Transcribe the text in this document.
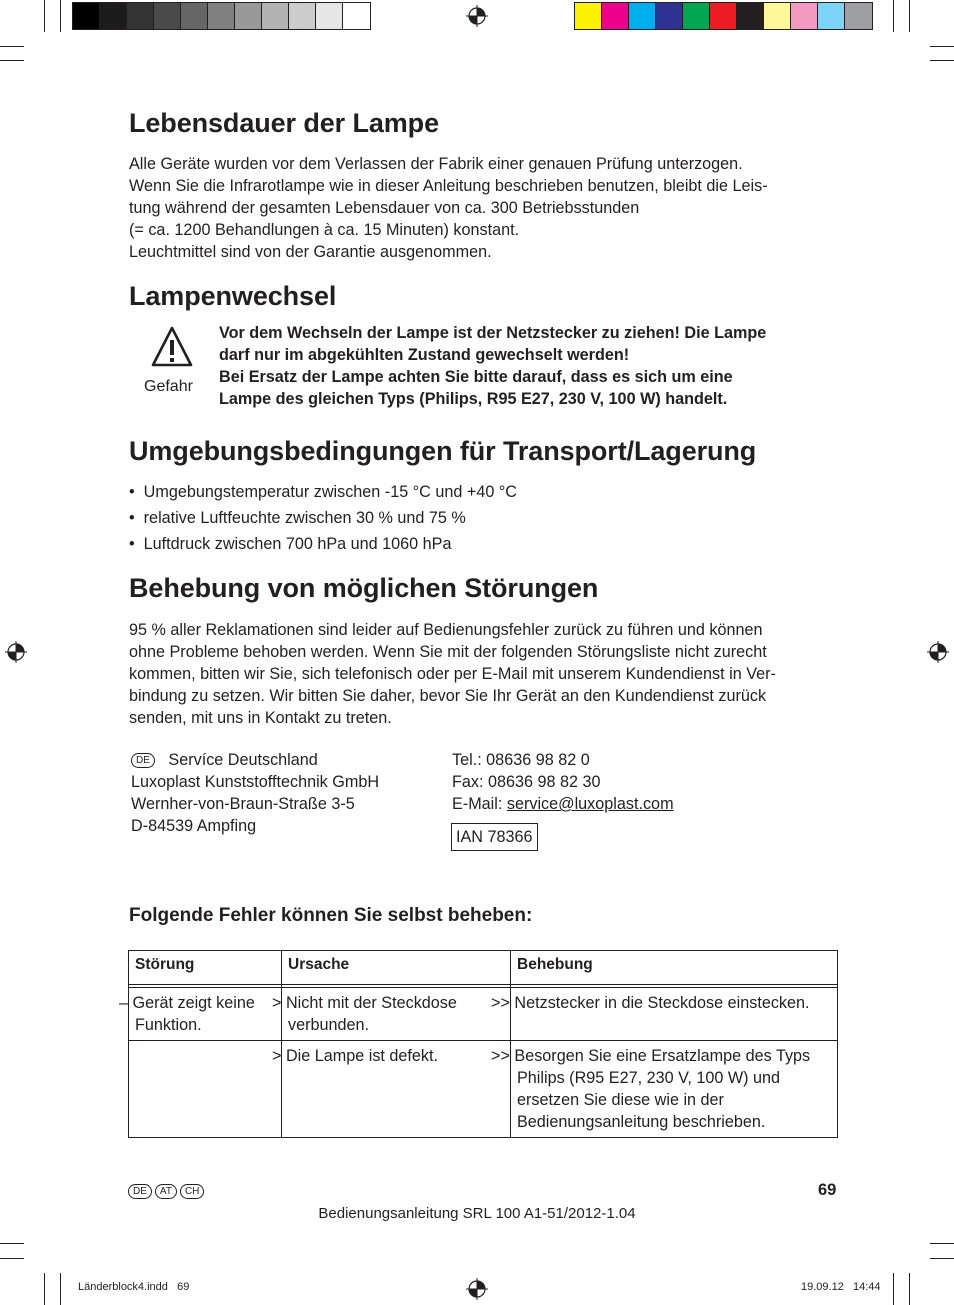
Lebensdauer der Lampe
Alle Geräte wurden vor dem Verlassen der Fabrik einer genauen Prüfung unterzogen.
Wenn Sie die Infrarotlampe wie in dieser Anleitung beschrieben benutzen, bleibt die Leis-
tung während der gesamten Lebensdauer von ca. 300 Betriebsstunden
(= ca. 1200 Behandlungen à ca. 15 Minuten) konstant.
Leuchtmittel sind von der Garantie ausgenommen.
Lampenwechsel
Gefahr
Vor dem Wechseln der Lampe ist der Netzstecker zu ziehen! Die Lampe
darf nur im abgekühlten Zustand gewechselt werden!
Bei Ersatz der Lampe achten Sie bitte darauf, dass es sich um eine
Lampe des gleichen Typs (Philips, R95 E27, 230 V, 100 W) handelt.
Umgebungsbedingungen für Transport/Lagerung
•  Umgebungstemperatur zwischen -15 °C und +40 °C
•  relative Luftfeuchte zwischen 30 % und 75 %
•  Luftdruck zwischen 700 hPa und 1060 hPa
Behebung von möglichen Störungen
95 % aller Reklamationen sind leider auf Bedienungsfehler zurück zu führen und können
ohne Probleme behoben werden. Wenn Sie mit der folgenden Störungsliste nicht zurecht
kommen, bitten wir Sie, sich telefonisch oder per E-Mail mit unserem Kundendienst in Ver-
bindung zu setzen. Wir bitten Sie daher, bevor Sie Ihr Gerät an den Kundendienst zurück
senden, mit uns in Kontakt zu treten.
DE Servíce Deutschland
Luxoplast Kunststofftechnik GmbH
Wernher-von-Braun-Straße 3-5
D-84539 Ampfing
Tel.: 08636 98 82 0
Fax: 08636 98 82 30
E-Mail: service@luxoplast.com
IAN 78366
Folgende Fehler können Sie selbst beheben:
Störung	Ursache	Behebung

– Gerät zeigt keine Funktion.	> Nicht mit der Steckdose verbunden.	>> Netzstecker in die Steckdose einstecken.
	> Die Lampe ist defekt.	>> Besorgen Sie eine Ersatzlampe des Typs Philips (R95 E27, 230 V, 100 W) und ersetzen Sie diese wie in der Bedienungsanleitung beschrieben.
DE	AT	CH	69
Bedienungsanleitung SRL 100 A1-51/2012-1.04
Länderblock4.indd   69	19.09.12   14:44
